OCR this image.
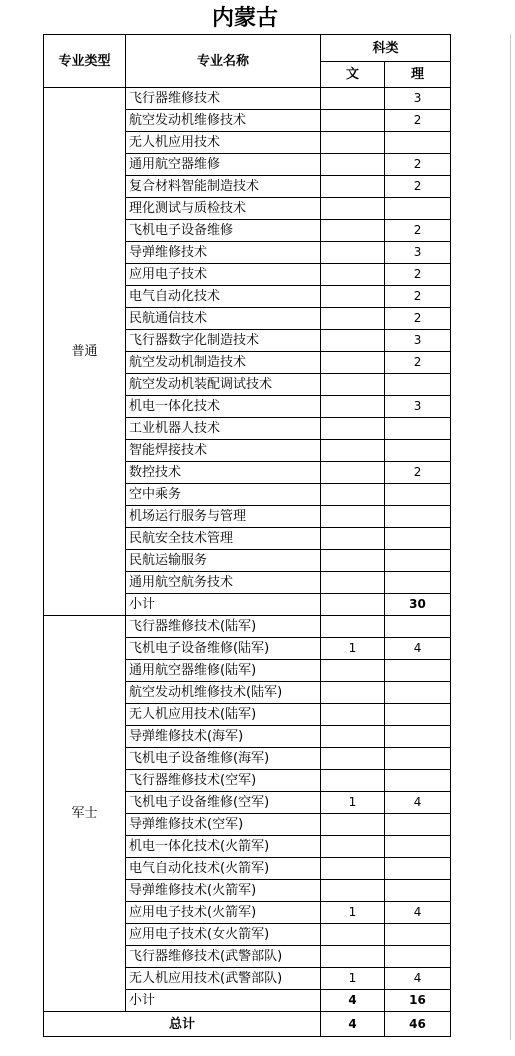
内蒙古
专业类型	专业名称	科类	
		文	理
普通	飞行器维修技术		3
	航空发动机维修技术		2
	无人机应用技术		
	通用航空器维修		2
	复合材料智能制造技术		2
	理化测试与质检技术		
	飞机电子设备维修		2
	导弹维修技术		3
	应用电子技术		2
	电气自动化技术		2
	民航通信技术		2
	飞行器数字化制造技术		3
	航空发动机制造技术		2
	航空发动机装配调试技术		
	机电一体化技术		3
	工业机器人技术		
	智能焊接技术		
	数控技术		2
	空中乘务		
	机场运行服务与管理		
	民航安全技术管理		
	民航运输服务		
	通用航空航务技术		
	小计		30
军士	飞行器维修技术(陆军)		
	飞机电子设备维修(陆军)	1	4
	通用航空器维修(陆军)		
	航空发动机维修技术(陆军)		
	无人机应用技术(陆军)		
	导弹维修技术(海军)		
	飞机电子设备维修(海军)		
	飞行器维修技术(空军)		
	飞机电子设备维修(空军)	1	4
	导弹维修技术(空军)		
	机电一体化技术(火箭军)		
	电气自动化技术(火箭军)		
	导弹维修技术(火箭军)		
	应用电子技术(火箭军)	1	4
	应用电子技术(女火箭军)		
	飞行器维修技术(武警部队)		
	无人机应用技术(武警部队)	1	4
	小计	4	16
总计		4	46
